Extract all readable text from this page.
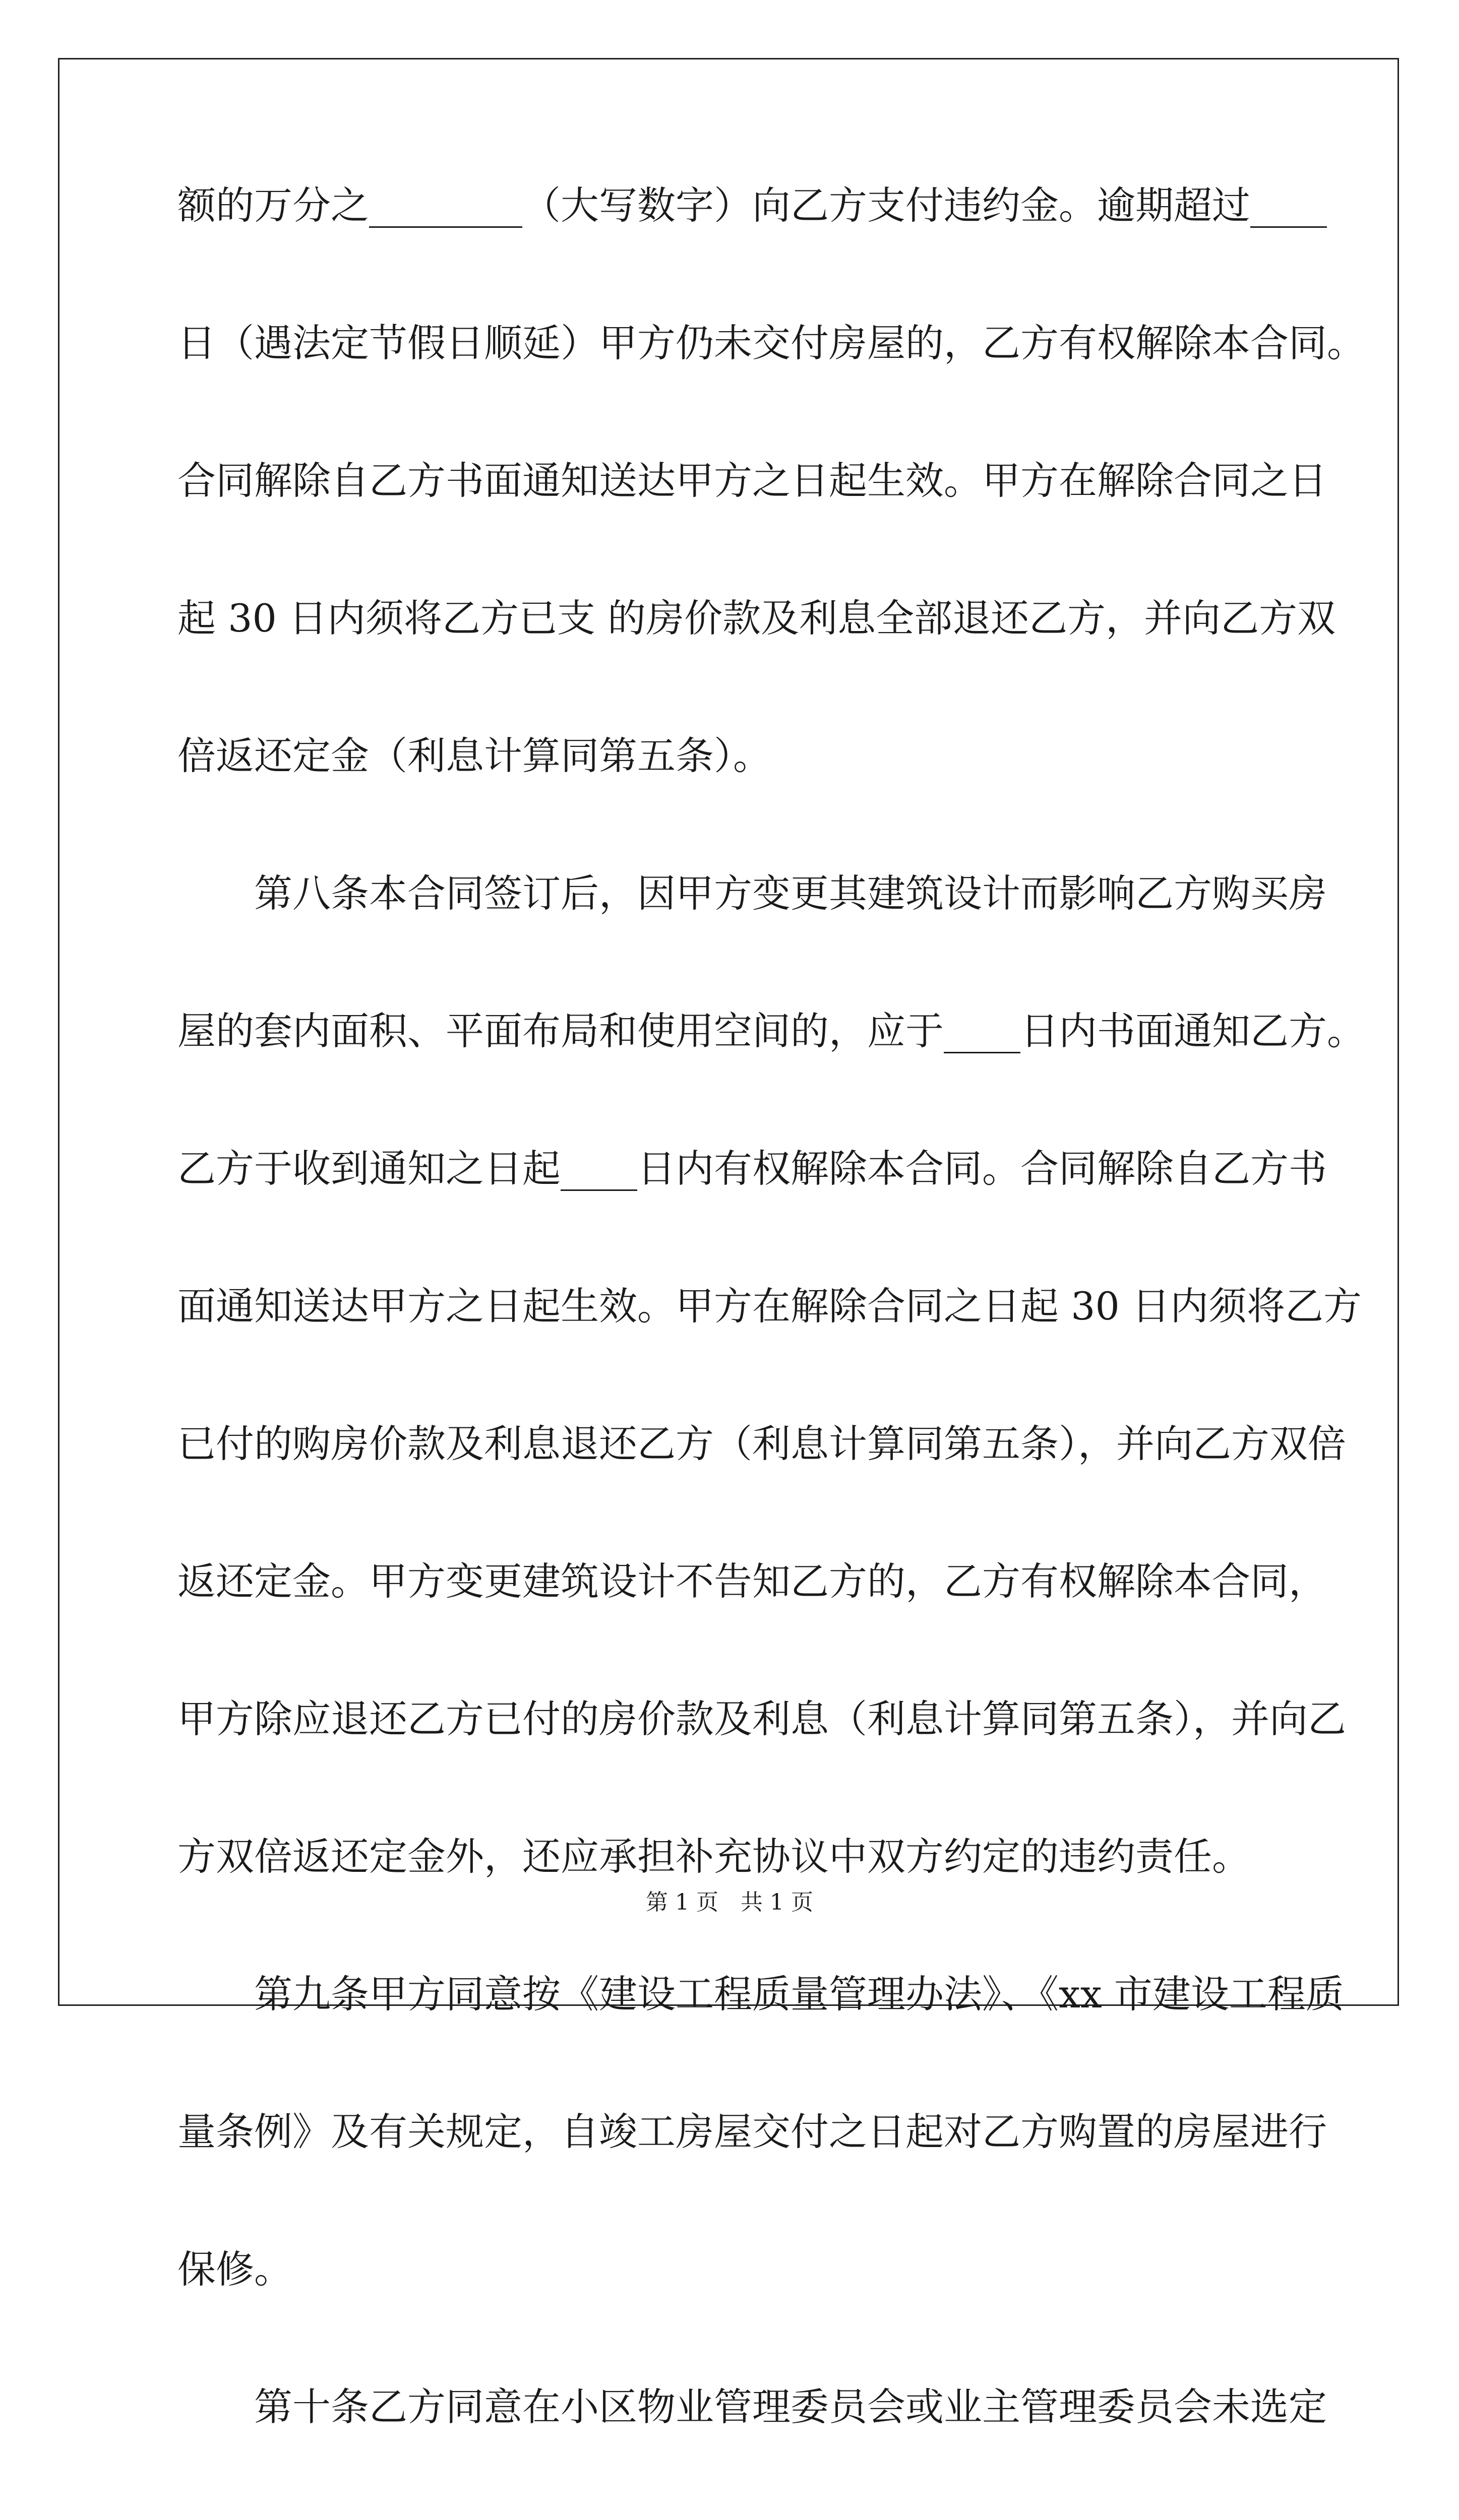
额的万分之________（大写数字）向乙方支付违约金。逾期超过____
日（遇法定节假日顺延）甲方仍未交付房屋的，乙方有权解除本合同。
合同解除自乙方书面通知送达甲方之日起生效。甲方在解除合同之日
起 30 日内须将乙方已支 的房价款及利息全部退还乙方，并向乙方双
倍返还定金（利息计算同第五条）。
第八条本合同签订后，因甲方变更其建筑设计而影响乙方购买房
屋的套内面积、平面布局和使用空间的，应于____日内书面通知乙方。
乙方于收到通知之日起____日内有权解除本合同。合同解除自乙方书
面通知送达甲方之日起生效。甲方在解除合同之日起 30 日内须将乙方
已付的购房价款及利息退还乙方（利息计算同第五条），并向乙方双倍
返还定金。甲方变更建筑设计不告知乙方的，乙方有权解除本合同，
甲方除应退还乙方已付的房价款及利息（利息计算同第五条），并向乙
方双倍返还定金外，还应承担补充协议中双方约定的违约责任。
第九条甲方同意按《建设工程质量管理办法》、《xx 市建设工程质
量条例》及有关规定，自竣工房屋交付之日起对乙方购置的房屋进行
保修。
第十条乙方同意在小区物业管理委员会或业主管理委员会未选定
第 1 页 共 1 页
